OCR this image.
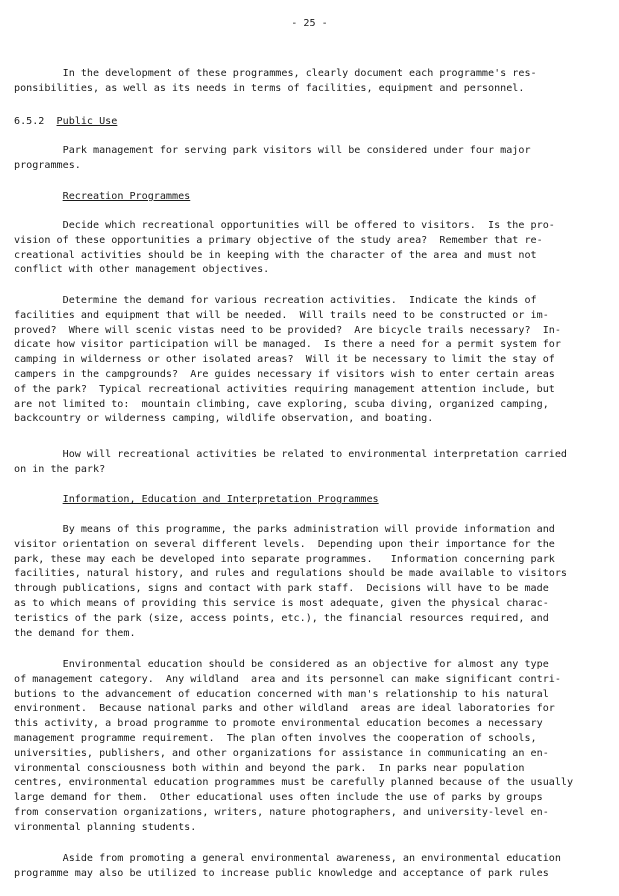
- 25 -
In the development of these programmes, clearly document each programme's res-
ponsibilities, as well as its needs in terms of facilities, equipment and personnel.
6.5.2 Public Use
Park management for serving park visitors will be considered under four major
programmes.
Recreation Programmes
Decide which recreational opportunities will be offered to visitors.  Is the pro-
vision of these opportunities a primary objective of the study area?  Remember that re-
creational activities should be in keeping with the character of the area and must not
conflict with other management objectives.
Determine the demand for various recreation activities.  Indicate the kinds of
facilities and equipment that will be needed.  Will trails need to be constructed or im-
proved?  Where will scenic vistas need to be provided?  Are bicycle trails necessary?  In-
dicate how visitor participation will be managed.  Is there a need for a permit system for
camping in wilderness or other isolated areas?  Will it be necessary to limit the stay of
campers in the campgrounds?  Are guides necessary if visitors wish to enter certain areas
of the park?  Typical recreational activities requiring management attention include, but
are not limited to:  mountain climbing, cave exploring, scuba diving, organized camping,
backcountry or wilderness camping, wildlife observation, and boating.
How will recreational activities be related to environmental interpretation carried
on in the park?
Information, Education and Interpretation Programmes
By means of this programme, the parks administration will provide information and
visitor orientation on several different levels.  Depending upon their importance for the
park, these may each be developed into separate programmes.   Information concerning park
facilities, natural history, and rules and regulations should be made available to visitors
through publications, signs and contact with park staff.  Decisions will have to be made
as to which means of providing this service is most adequate, given the physical charac-
teristics of the park (size, access points, etc.), the financial resources required, and
the demand for them.
Environmental education should be considered as an objective for almost any type
of management category.  Any wildland  area and its personnel can make significant contri-
butions to the advancement of education concerned with man's relationship to his natural
environment.  Because national parks and other wildland  areas are ideal laboratories for
this activity, a broad programme to promote environmental education becomes a necessary
management programme requirement.  The plan often involves the cooperation of schools,
universities, publishers, and other organizations for assistance in communicating an en-
vironmental consciousness both within and beyond the park.  In parks near population
centres, environmental education programmes must be carefully planned because of the usually
large demand for them.  Other educational uses often include the use of parks by groups
from conservation organizations, writers, nature photographers, and university-level en-
vironmental planning students.
Aside from promoting a general environmental awareness, an environmental education
programme may also be utilized to increase public knowledge and acceptance of park rules
